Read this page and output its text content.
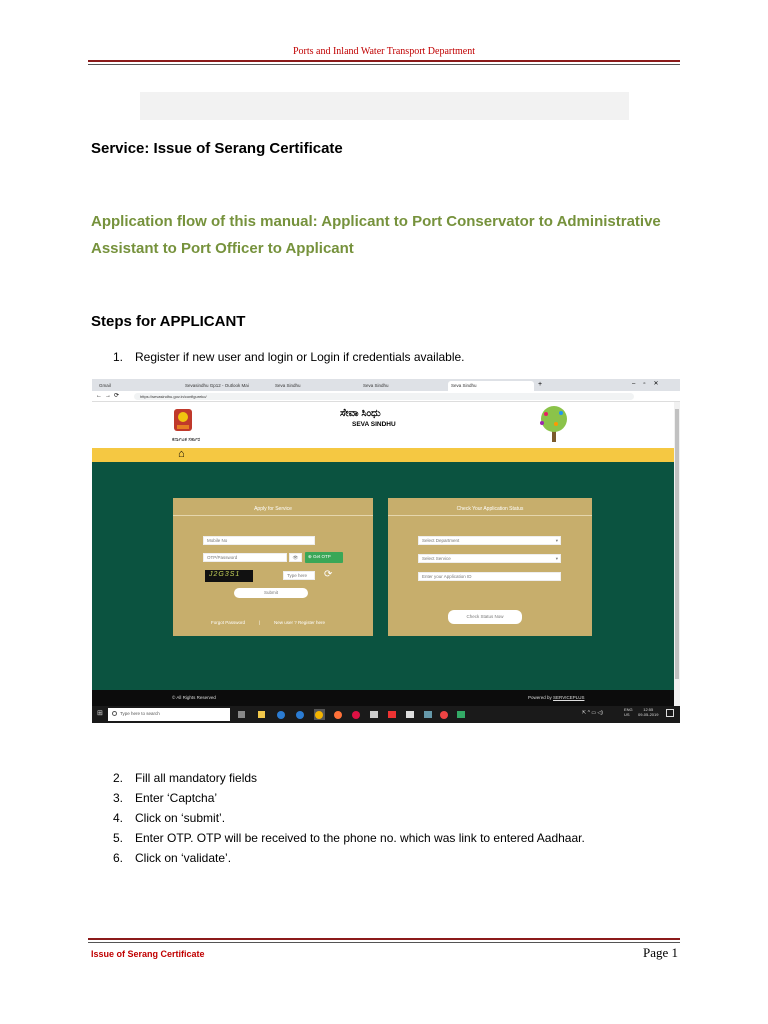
Ports and Inland Water Transport Department
Service: Issue of Serang Certificate
Application flow of this manual: Applicant to Port Conservator to Administrative Assistant to Port Officer to Applicant
Steps for APPLICANT
1. Register if new user and login or Login if credentials available.
Gmail	Sevasindhu Gp12 - Outlook Mai	Seva Sindhu	Seva Sindhu	Seva Sindhu	+	–▫✕
←→⟳	https://sevasindhu.gov.in/configureko/
ಕರ್ನಾಟಕ ಸರ್ಕಾರ
ಸೇವಾ ಸಿಂಧು
SEVA SINDHU
⌂
Apply for Service
Mobile No
OTP/Password	👁	⊕ Get OTP
J2G3S1	Type here	⟳
Submit
Forgot Password	|	New user ? Register here
Check Your Application Status
Select Department	▾
Select Service	▾
Enter your Application ID
Check Status Now
© All Rights Reserved	Powered by SERVICEPLUS
⊞	Type here to search	⇱ ^ ▭ ◁)
ENG
US
12:55
09-05-2019
2. Fill all mandatory fields
3. Enter ‘Captcha’
4. Click on ‘submit’.
5. Enter OTP. OTP will be received to the phone no. which was link to entered Aadhaar.
6. Click on ‘validate’.
Issue of Serang Certificate	Page 1
